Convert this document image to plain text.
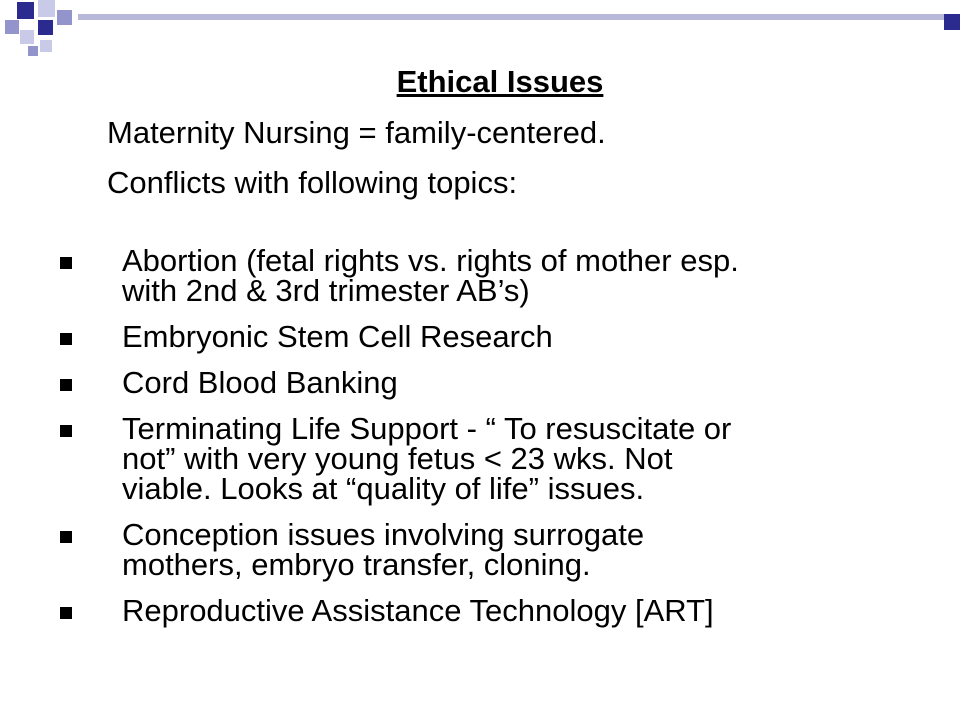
Ethical Issues
Maternity Nursing = family-centered.
Conflicts with following topics:
Abortion (fetal rights vs. rights of mother esp.
with 2nd & 3rd trimester AB’s)
Embryonic Stem Cell Research
Cord Blood Banking
Terminating Life Support - “ To resuscitate or
not” with very young fetus < 23 wks. Not
viable. Looks at “quality of life” issues.
Conception issues involving surrogate
mothers, embryo transfer, cloning.
Reproductive Assistance Technology [ART]
